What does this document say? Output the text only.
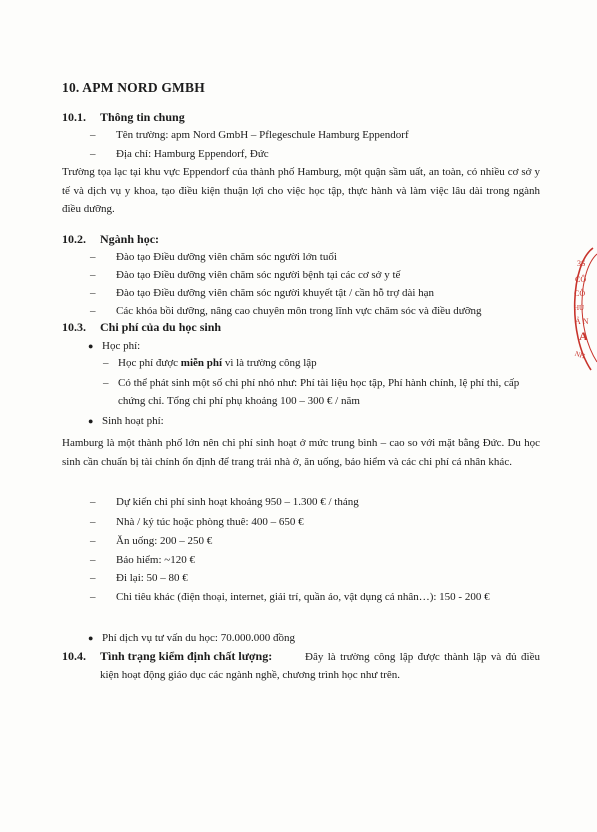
10. APM NORD GMBH
10.1. Thông tin chung
– Tên trường: apm Nord GmbH – Pflegeschule Hamburg Eppendorf
– Địa chỉ: Hamburg Eppendorf, Đức
Trường tọa lạc tại khu vực Eppendorf của thành phố Hamburg, một quận sầm uất, an toàn, có nhiều cơ sở y tế và dịch vụ y khoa, tạo điều kiện thuận lợi cho việc học tập, thực hành và làm việc lâu dài trong ngành điều dưỡng.
10.2. Ngành học:
– Đào tạo Điều dưỡng viên chăm sóc người lớn tuổi
– Đào tạo Điều dưỡng viên chăm sóc người bệnh tại các cơ sở y tế
– Đào tạo Điều dưỡng viên chăm sóc người khuyết tật / cần hỗ trợ dài hạn
– Các khóa bồi dưỡng, nâng cao chuyên môn trong lĩnh vực chăm sóc và điều dưỡng
10.3. Chi phí của du học sinh
● Học phí:
– Học phí được miễn phí vì là trường công lập
– Có thể phát sinh một số chi phí nhỏ như: Phí tài liệu học tập, Phí hành chính, lệ phí thi, cấp chứng chỉ. Tổng chi phí phụ khoảng 100 – 300 € / năm
● Sinh hoạt phí:
Hamburg là một thành phố lớn nên chi phí sinh hoạt ở mức trung bình – cao so với mặt bằng Đức. Du học sinh cần chuẩn bị tài chính ổn định để trang trải nhà ở, ăn uống, bảo hiểm và các chi phí cá nhân khác.
–	Dự kiến chi phí sinh hoạt khoảng 950 – 1.300 € / tháng
–	Nhà / ký túc hoặc phòng thuê: 400 – 650 €
–	Ăn uống: 200 – 250 €
–	Bảo hiểm: ~120 €
–	Đi lại: 50 – 80 €
–	Chi tiêu khác (điện thoại, internet, giải trí, quần áo, vật dụng cá nhân…): 150 - 200 €
● Phí dịch vụ tư vấn du học: 70.000.000 đồng
10.4. Tình trạng kiểm định chất lượng:	Đây là trường công lập được thành lập và đủ điều kiện hoạt động giáo dục các ngành nghề, chương trình học như trên.
3S
CÔ
CÔ
HÚ
Ả N
A
NH
